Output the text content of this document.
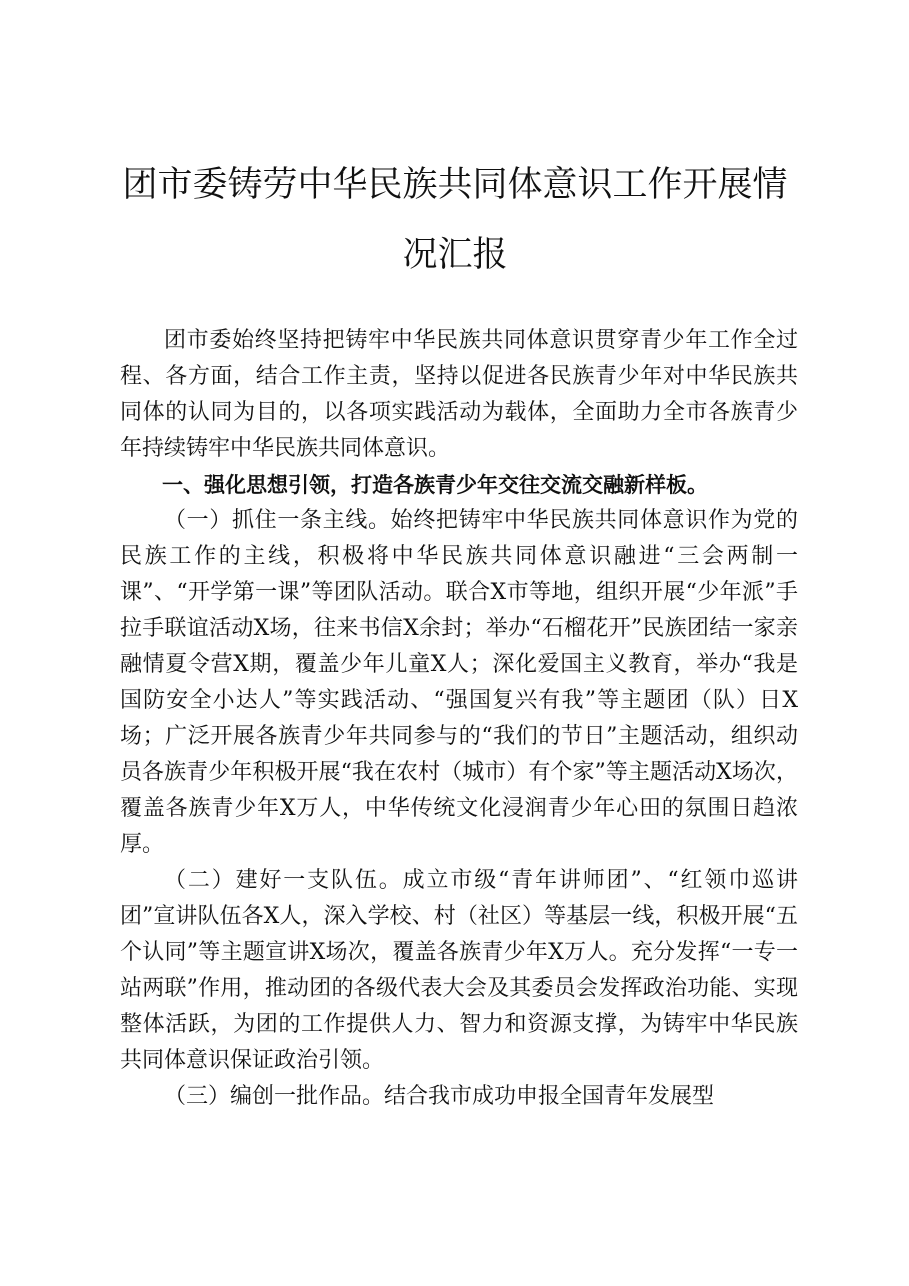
团市委铸劳中华民族共同体意识工作开展情况汇报

团市委始终坚持把铸牢中华民族共同体意识贯穿青少年工作全过程、各方面，结合工作主责，坚持以促进各民族青少年对中华民族共同体的认同为目的，以各项实践活动为载体，全面助力全市各族青少年持续铸牢中华民族共同体意识。

一、强化思想引领，打造各族青少年交往交流交融新样板。

（一）抓住一条主线。始终把铸牢中华民族共同体意识作为党的民族工作的主线，积极将中华民族共同体意识融进“三会两制一课”、“开学第一课”等团队活动。联合X市等地，组织开展“少年派”手拉手联谊活动X场，往来书信X余封；举办“石榴花开”民族团结一家亲融情夏令营X期，覆盖少年儿童X人；深化爱国主义教育，举办“我是国防安全小达人”等实践活动、“强国复兴有我”等主题团（队）日X场；广泛开展各族青少年共同参与的“我们的节日”主题活动，组织动员各族青少年积极开展“我在农村（城市）有个家”等主题活动X场次，覆盖各族青少年X万人，中华传统文化浸润青少年心田的氛围日趋浓厚。

（二）建好一支队伍。成立市级“青年讲师团”、“红领巾巡讲团”宣讲队伍各X人，深入学校、村（社区）等基层一线，积极开展“五个认同”等主题宣讲X场次，覆盖各族青少年X万人。充分发挥“一专一站两联”作用，推动团的各级代表大会及其委员会发挥政治功能、实现整体活跃，为团的工作提供人力、智力和资源支撑，为铸牢中华民族共同体意识保证政治引领。

（三）编创一批作品。结合我市成功申报全国青年发展型
